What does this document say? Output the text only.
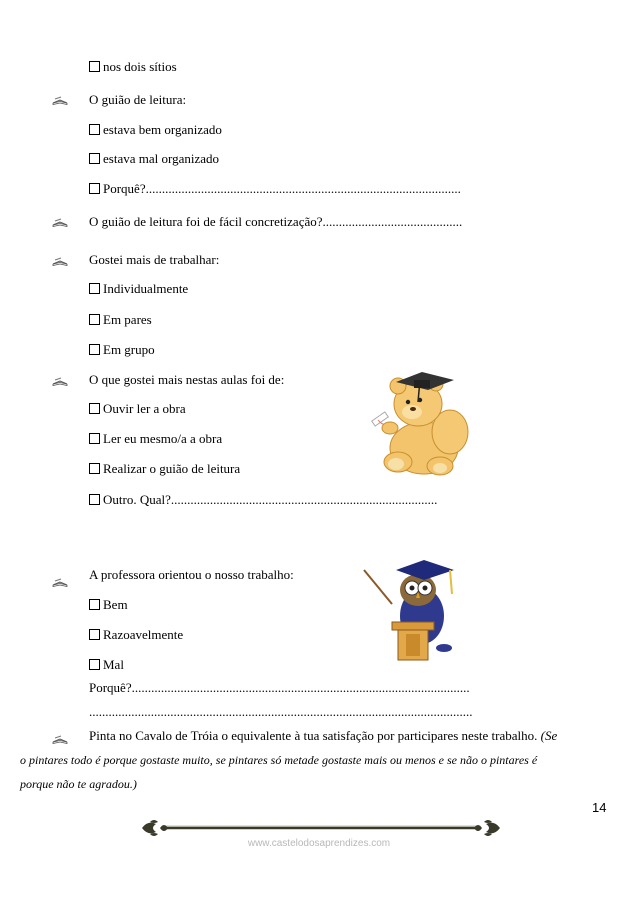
nos dois sítios
O guião de leitura:
estava bem organizado
estava mal organizado
Porquê?.................................................................................................
O guião de leitura foi de fácil concretização?...........................................
Gostei mais de trabalhar:
Individualmente
Em pares
Em grupo
O que gostei mais nestas aulas foi de:
Ouvir ler a obra
Ler eu mesmo/a a obra
Realizar o guião de leitura
Outro. Qual?..................................................................................
A professora orientou o nosso trabalho:
Bem
Razoavelmente
Mal
Porquê?........................................................................................................
......................................................................................................................
Pinta no Cavalo de Tróia o equivalente à tua satisfação por participares neste trabalho. (Se
o pintares todo é porque gostaste muito, se pintares só metade gostaste mais ou menos e se não o pintares é
porque não te agradou.)
14
www.castelodosaprendizes.com
